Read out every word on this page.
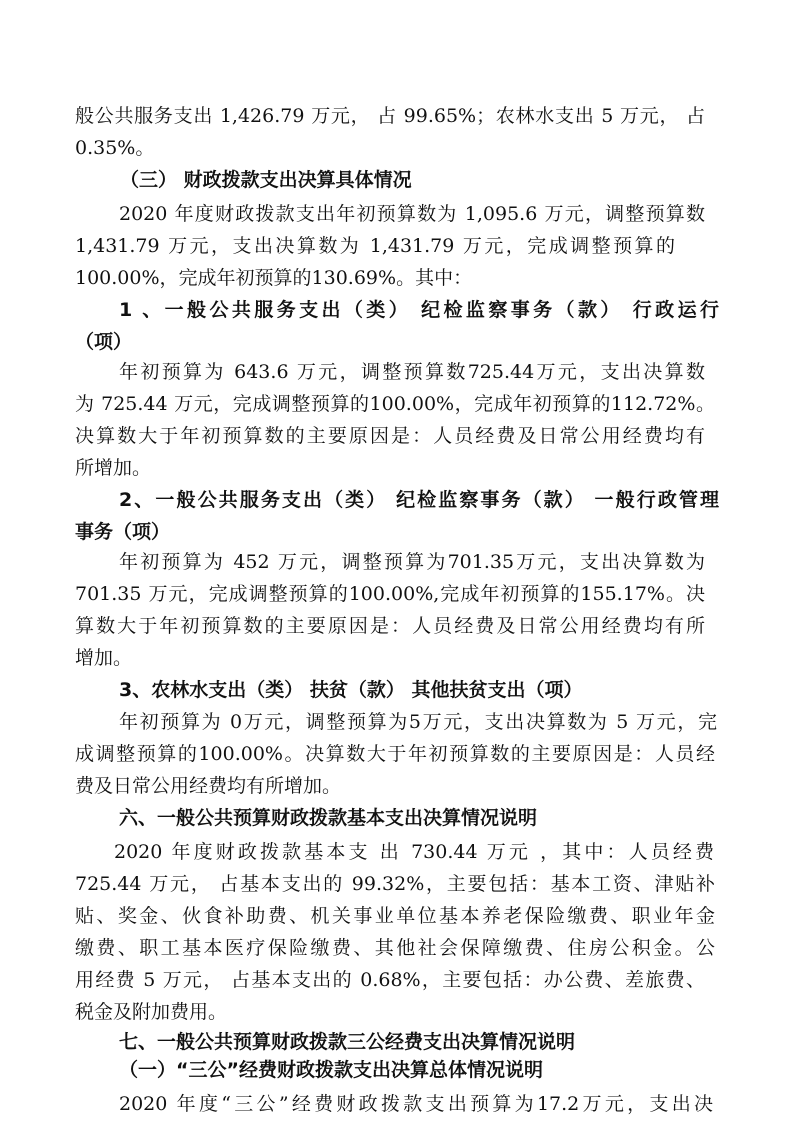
般公共服务支出 1,426.79 万元， 占 99.65%；农林水支出 5 万元， 占
0.35%。
（三） 财政拨款支出决算具体情况
2020 年度财政拨款支出年初预算数为 1,095.6 万元，调整预算数
1,431.79 万元，支出决算数为 1,431.79 万元，完成调整预算的
100.00%，完成年初预算的130.69%。其中：
1 、一般公共服务支出（类） 纪检监察事务（款） 行政运行
（项）
年初预算为 643.6 万元，调整预算数725.44万元，支出决算数
为 725.44 万元，完成调整预算的100.00%，完成年初预算的112.72%。
决算数大于年初预算数的主要原因是：人员经费及日常公用经费均有
所增加。
2、一般公共服务支出（类） 纪检监察事务（款） 一般行政管理
事务（项）
年初预算为 452 万元，调整预算为701.35万元，支出决算数为
701.35 万元，完成调整预算的100.00%,完成年初预算的155.17%。决
算数大于年初预算数的主要原因是：人员经费及日常公用经费均有所
增加。
3、农林水支出（类） 扶贫（款） 其他扶贫支出（项）
年初预算为 0万元，调整预算为5万元，支出决算数为 5 万元，完
成调整预算的100.00%。决算数大于年初预算数的主要原因是：人员经
费及日常公用经费均有所增加。
六、一般公共预算财政拨款基本支出决算情况说明
2020 年度财政拨款基本支 出 730.44 万元 ，其中：人员经费
725.44 万元， 占基本支出的 99.32%，主要包括：基本工资、津贴补
贴、奖金、伙食补助费、机关事业单位基本养老保险缴费、职业年金
缴费、职工基本医疗保险缴费、其他社会保障缴费、住房公积金。公
用经费 5 万元， 占基本支出的 0.68%，主要包括：办公费、差旅费、
税金及附加费用。
七、一般公共预算财政拨款三公经费支出决算情况说明
（一）“三公”经费财政拨款支出决算总体情况说明
2020 年度“三公”经费财政拨款支出预算为17.2万元，支出决
